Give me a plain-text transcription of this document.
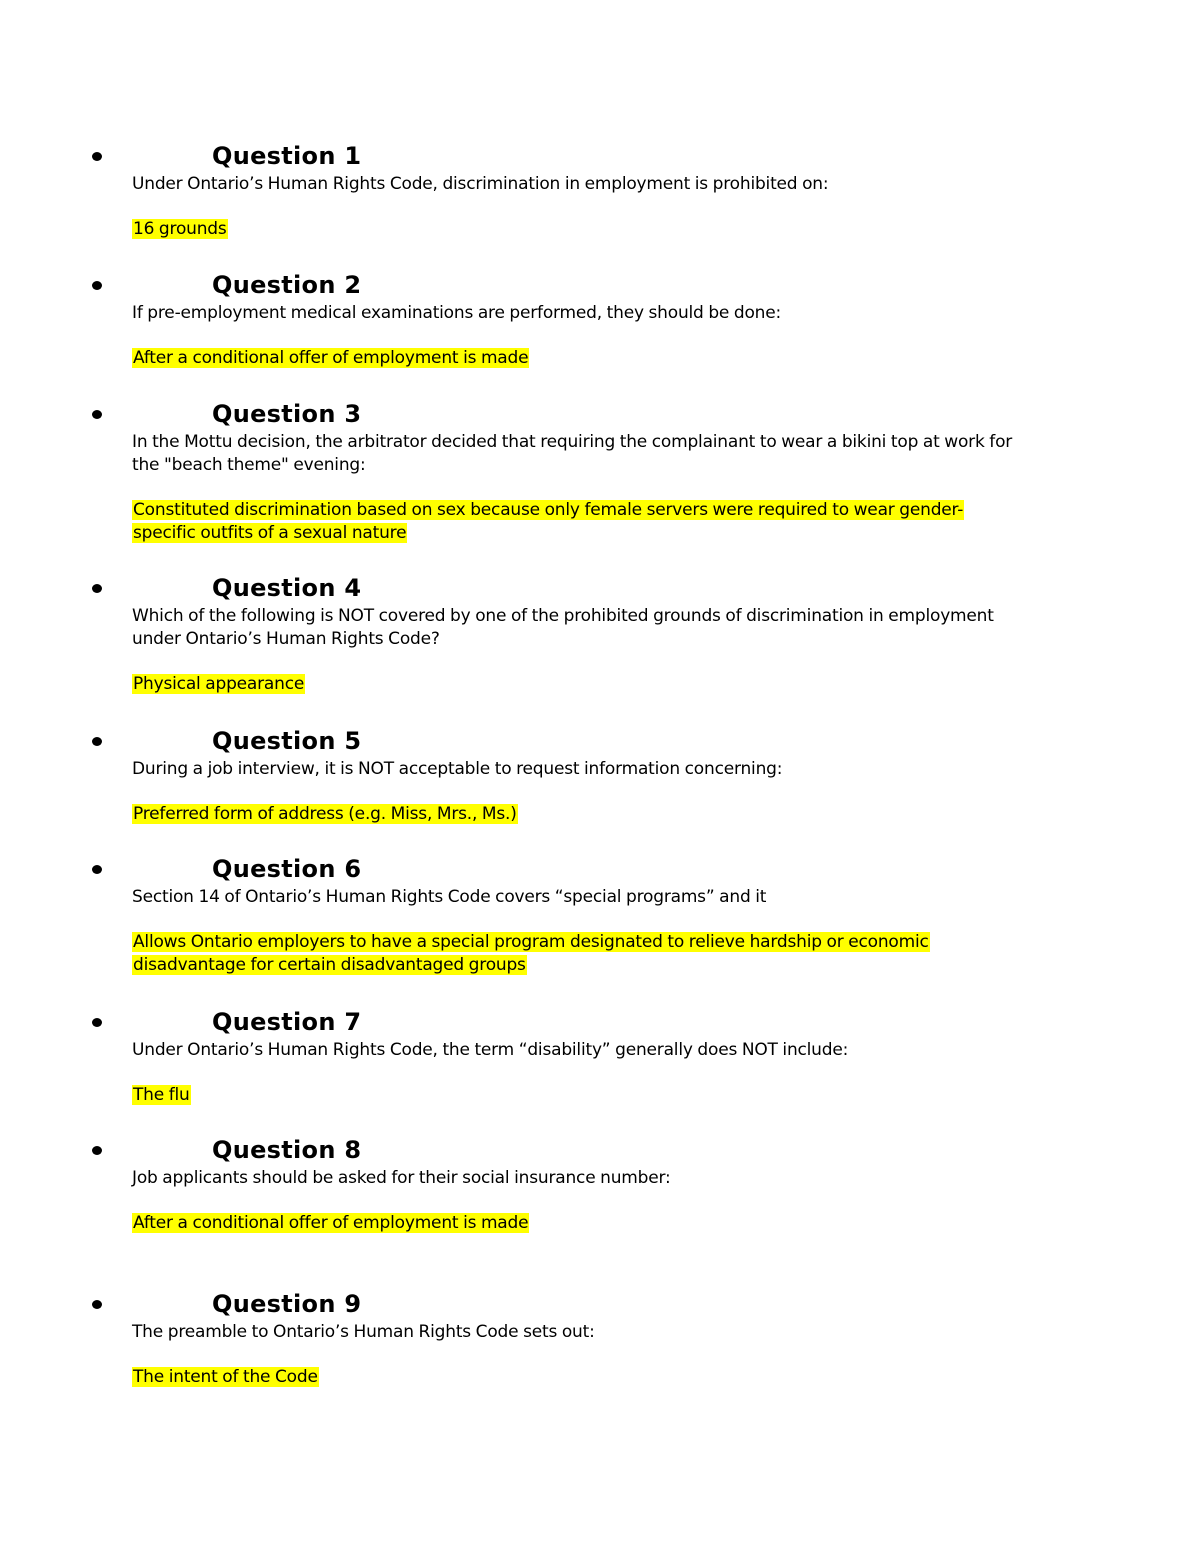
Question 1

Under Ontario’s Human Rights Code, discrimination in employment is prohibited on:

16 grounds

Question 2

If pre-employment medical examinations are performed, they should be done:

After a conditional offer of employment is made

Question 3

In the Mottu decision, the arbitrator decided that requiring the complainant to wear a bikini top at work for the "beach theme" evening:

Constituted discrimination based on sex because only female servers were required to wear gender-specific outfits of a sexual nature

Question 4

Which of the following is NOT covered by one of the prohibited grounds of discrimination in employment under Ontario’s Human Rights Code?

Physical appearance

Question 5

During a job interview, it is NOT acceptable to request information concerning:

Preferred form of address (e.g. Miss, Mrs., Ms.)

Question 6

Section 14 of Ontario’s Human Rights Code covers “special programs” and it

Allows Ontario employers to have a special program designated to relieve hardship or economic disadvantage for certain disadvantaged groups

Question 7

Under Ontario’s Human Rights Code, the term “disability” generally does NOT include:

The flu

Question 8

Job applicants should be asked for their social insurance number:

After a conditional offer of employment is made

Question 9

The preamble to Ontario’s Human Rights Code sets out:

The intent of the Code
